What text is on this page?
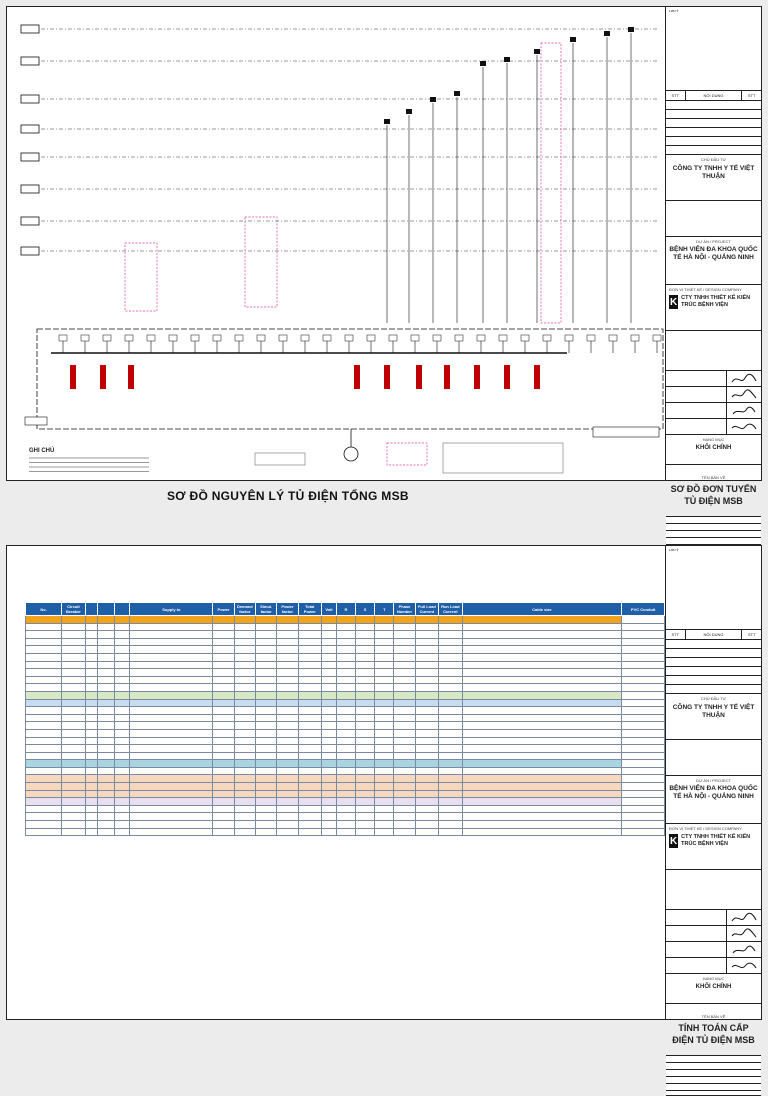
GHI CHÚ
SƠ ĐỒ NGUYÊN LÝ TỦ ĐIỆN TỔNG MSB
LƯU Ý
STT	NỘI DUNG	STT
CHỦ ĐẦU TƯ
CÔNG TY TNHH Y TẾ VIỆT THUẬN
DỰ ÁN / PROJECT
BỆNH VIỆN ĐA KHOA QUỐC TẾ HÀ NỘI - QUẢNG NINH
ĐƠN VỊ THIẾT KẾ / DESIGN COMPANY
K CTY TNHH THIẾT KẾ KIẾN TRÚC BỆNH VIỆN
HẠNG MỤC
KHỐI CHÍNH
TÊN BẢN VẼ
SƠ ĐỒ ĐƠN TUYẾN TỦ ĐIỆN MSB
No.	Circuit Breaker				Supply to	Power	Demand factor	Simul. factor	Power factor	Total Power	Volt	R	S	T	Phase Number	Full Load Current	Run Load Current	Cable size	PVC Conduit

LƯU Ý
STT	NỘI DUNG	STT
CHỦ ĐẦU TƯ
CÔNG TY TNHH Y TẾ VIỆT THUẬN
DỰ ÁN / PROJECT
BỆNH VIỆN ĐA KHOA QUỐC TẾ HÀ NỘI - QUẢNG NINH
ĐƠN VỊ THIẾT KẾ / DESIGN COMPANY
K CTY TNHH THIẾT KẾ KIẾN TRÚC BỆNH VIỆN
HẠNG MỤC
KHỐI CHÍNH
TÊN BẢN VẼ
TÍNH TOÁN CẤP ĐIỆN TỦ ĐIỆN MSB
